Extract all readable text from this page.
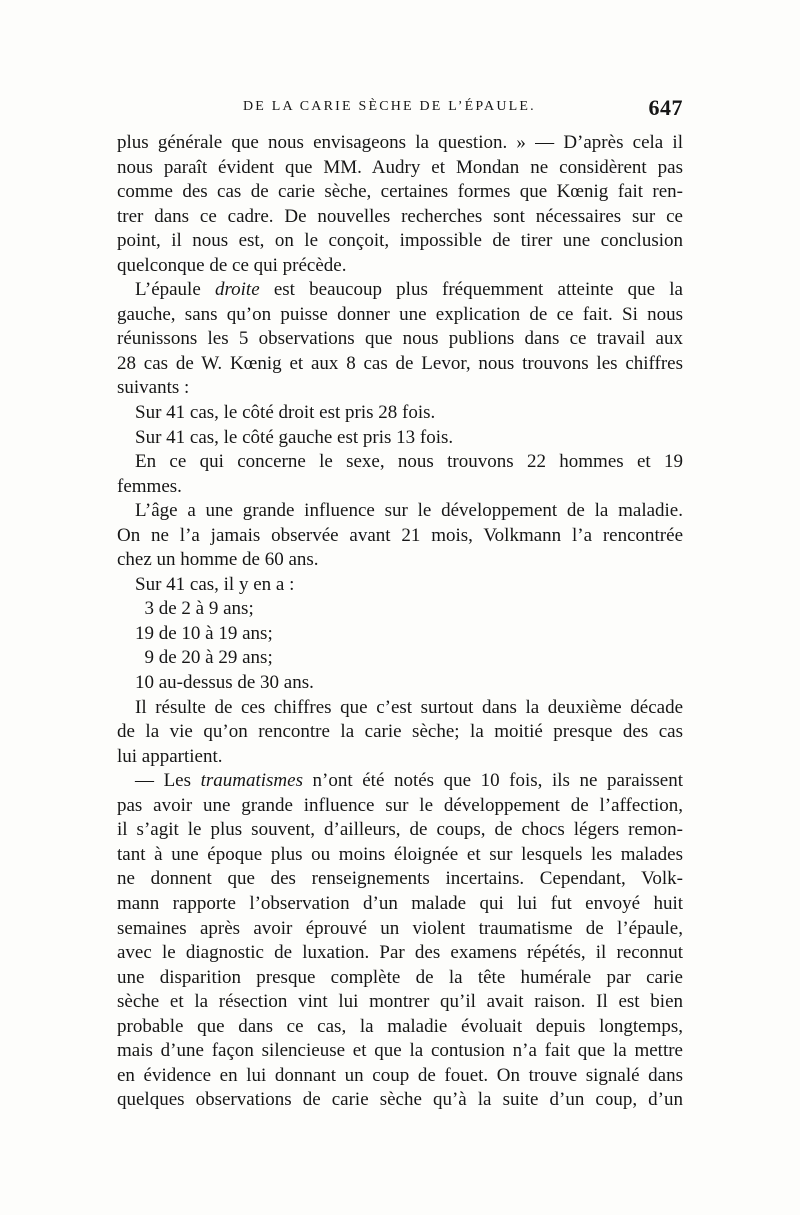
DE LA CARIE SÈCHE DE L’ÉPAULE.	647
plus générale que nous envisageons la question. » — D’après cela il
nous paraît évident que MM. Audry et Mondan ne considèrent pas
comme des cas de carie sèche, certaines formes que Kœnig fait ren-
trer dans ce cadre. De nouvelles recherches sont nécessaires sur ce
point, il nous est, on le conçoit, impossible de tirer une conclusion
quelconque de ce qui précède.
L’épaule droite est beaucoup plus fréquemment atteinte que la
gauche, sans qu’on puisse donner une explication de ce fait. Si nous
réunissons les 5 observations que nous publions dans ce travail aux
28 cas de W. Kœnig et aux 8 cas de Levor, nous trouvons les chiffres
suivants :
Sur 41 cas, le côté droit est pris 28 fois.
Sur 41 cas, le côté gauche est pris 13 fois.
En ce qui concerne le sexe, nous trouvons 22 hommes et 19
femmes.
L’âge a une grande influence sur le développement de la maladie.
On ne l’a jamais observée avant 21 mois, Volkmann l’a rencontrée
chez un homme de 60 ans.
Sur 41 cas, il y en a :
3 de 2 à 9 ans;
19 de 10 à 19 ans;
9 de 20 à 29 ans;
10 au-dessus de 30 ans.
Il résulte de ces chiffres que c’est surtout dans la deuxième décade
de la vie qu’on rencontre la carie sèche; la moitié presque des cas
lui appartient.
— Les traumatismes n’ont été notés que 10 fois, ils ne paraissent
pas avoir une grande influence sur le développement de l’affection,
il s’agit le plus souvent, d’ailleurs, de coups, de chocs légers remon-
tant à une époque plus ou moins éloignée et sur lesquels les malades
ne donnent que des renseignements incertains. Cependant, Volk-
mann rapporte l’observation d’un malade qui lui fut envoyé huit
semaines après avoir éprouvé un violent traumatisme de l’épaule,
avec le diagnostic de luxation. Par des examens répétés, il reconnut
une disparition presque complète de la tête humérale par carie
sèche et la résection vint lui montrer qu’il avait raison. Il est bien
probable que dans ce cas, la maladie évoluait depuis longtemps,
mais d’une façon silencieuse et que la contusion n’a fait que la mettre
en évidence en lui donnant un coup de fouet. On trouve signalé dans
quelques observations de carie sèche qu’à la suite d’un coup, d’un
